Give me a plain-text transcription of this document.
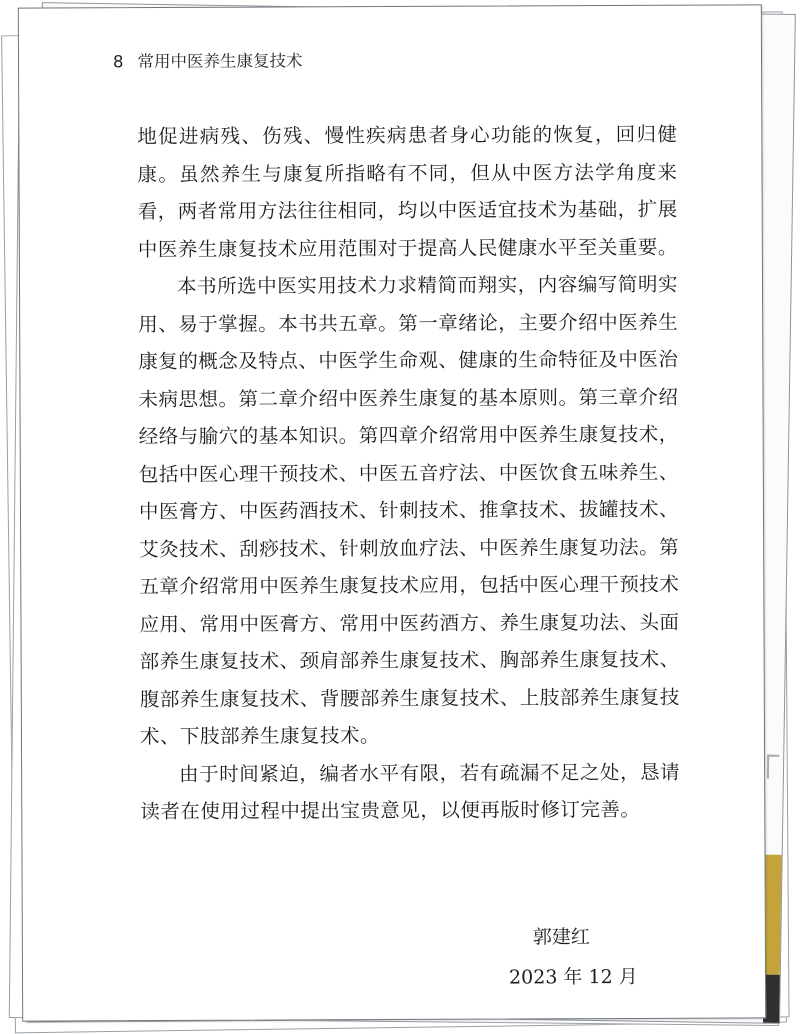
8 常用中医养生康复技术

地促进病残、伤残、慢性疾病患者身心功能的恢复，回归健康。虽然养生与康复所指略有不同，但从中医方法学角度来看，两者常用方法往往相同，均以中医适宜技术为基础，扩展中医养生康复技术应用范围对于提高人民健康水平至关重要。

本书所选中医实用技术力求精简而翔实，内容编写简明实用、易于掌握。本书共五章。第一章绪论，主要介绍中医养生康复的概念及特点、中医学生命观、健康的生命特征及中医治未病思想。第二章介绍中医养生康复的基本原则。第三章介绍经络与腧穴的基本知识。第四章介绍常用中医养生康复技术，包括中医心理干预技术、中医五音疗法、中医饮食五味养生、中医膏方、中医药酒技术、针刺技术、推拿技术、拔罐技术、艾灸技术、刮痧技术、针刺放血疗法、中医养生康复功法。第五章介绍常用中医养生康复技术应用，包括中医心理干预技术应用、常用中医膏方、常用中医药酒方、养生康复功法、头面部养生康复技术、颈肩部养生康复技术、胸部养生康复技术、腹部养生康复技术、背腰部养生康复技术、上肢部养生康复技术、下肢部养生康复技术。

由于时间紧迫，编者水平有限，若有疏漏不足之处，恳请读者在使用过程中提出宝贵意见，以便再版时修订完善。

郭建红
2023 年 12 月
